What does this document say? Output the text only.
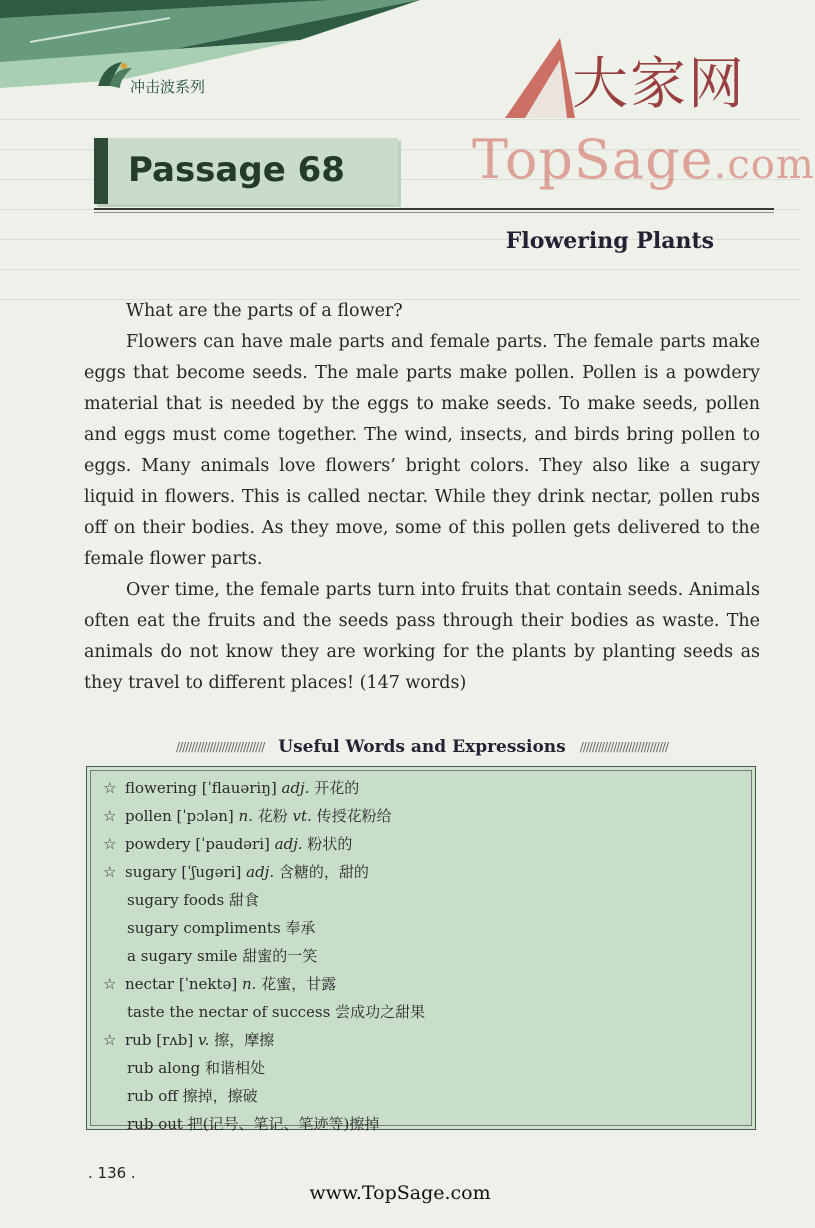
冲击波系列	大家网
TopSage.com
Passage 68
Flowering Plants

What are the parts of a flower?

Flowers can have male parts and female parts. The female parts make eggs that become seeds. The male parts make pollen. Pollen is a powdery material that is needed by the eggs to make seeds. To make seeds, pollen and eggs must come together. The wind, insects, and birds bring pollen to eggs. Many animals love flowers’ bright colors. They also like a sugary liquid in flowers. This is called nectar. While they drink nectar, pollen rubs off on their bodies. As they move, some of this pollen gets delivered to the female flower parts.

Over time, the female parts turn into fruits that contain seeds. Animals often eat the fruits and the seeds pass through their bodies as waste. The animals do not know they are working for the plants by planting seeds as they travel to different places! (147 words)

///////////////////////////// Useful Words and Expressions	/////////////////////////////
☆ flowering [ˈflauəriŋ] adj. 开花的
☆ pollen [ˈpɔlən] n. 花粉 vt. 传授花粉给
☆ powdery [ˈpaudəri] adj. 粉状的
☆ sugary [ˈʃugəri] adj. 含糖的，甜的
sugary foods 甜食
sugary compliments 奉承
a sugary smile 甜蜜的一笑
☆ nectar [ˈnektə] n. 花蜜，甘露
taste the nectar of success 尝成功之甜果
☆ rub [rʌb] v. 擦，摩擦
rub along 和谐相处
rub off 擦掉，擦破
rub out 把(记号、笔记、笔迹等)擦掉
. 136 .
www.TopSage.com
